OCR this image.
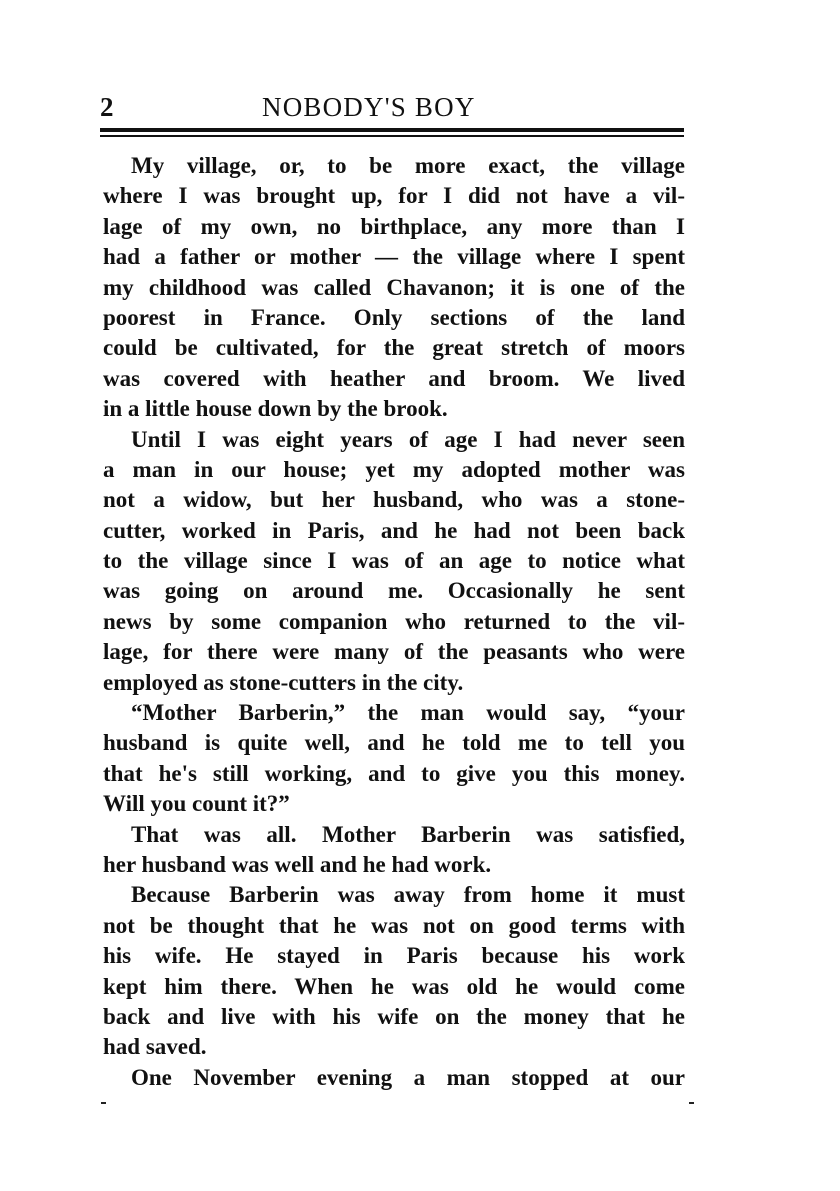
2	NOBODY'S BOY
My village, or, to be more exact, the village
where I was brought up, for I did not have a vil-
lage of my own, no birthplace, any more than I
had a father or mother — the village where I spent
my childhood was called Chavanon; it is one of the
poorest in France. Only sections of the land
could be cultivated, for the great stretch of moors
was covered with heather and broom. We lived
in a little house down by the brook.
Until I was eight years of age I had never seen
a man in our house; yet my adopted mother was
not a widow, but her husband, who was a stone-
cutter, worked in Paris, and he had not been back
to the village since I was of an age to notice what
was going on around me. Occasionally he sent
news by some companion who returned to the vil-
lage, for there were many of the peasants who were
employed as stone-cutters in the city.
“Mother Barberin,” the man would say, “your
husband is quite well, and he told me to tell you
that he's still working, and to give you this money.
Will you count it?”
That was all. Mother Barberin was satisfied,
her husband was well and he had work.
Because Barberin was away from home it must
not be thought that he was not on good terms with
his wife. He stayed in Paris because his work
kept him there. When he was old he would come
back and live with his wife on the money that he
had saved.
One November evening a man stopped at our
